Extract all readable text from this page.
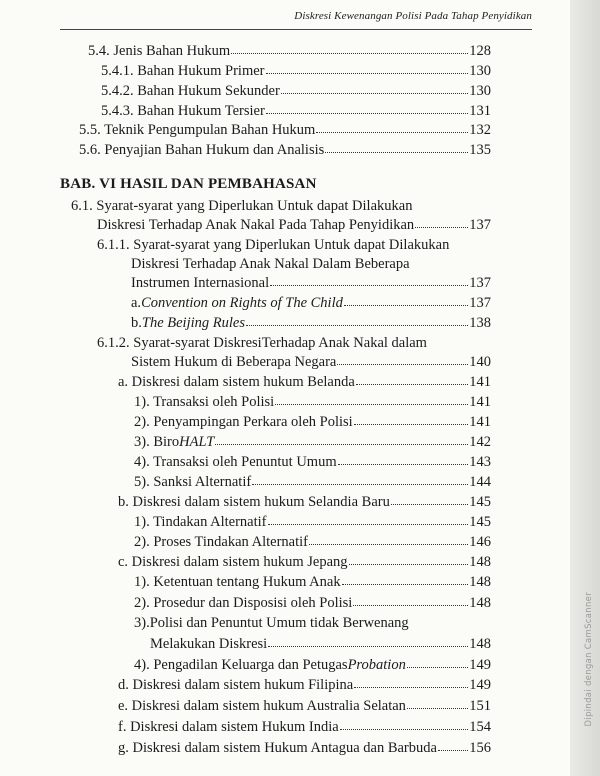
Diskresi Kewenangan Polisi Pada Tahap Penyidikan
5.4. Jenis Bahan Hukum	128
5.4.1. Bahan Hukum Primer	130
5.4.2. Bahan Hukum Sekunder	130
5.4.3. Bahan Hukum Tersier	131
5.5. Teknik Pengumpulan Bahan Hukum	132
5.6. Penyajian Bahan Hukum dan Analisis	135
BAB. VI HASIL DAN PEMBAHASAN
6.1. Syarat-syarat yang Diperlukan Untuk dapat Dilakukan
Diskresi Terhadap Anak Nakal Pada Tahap Penyidikan	137
6.1.1. Syarat-syarat yang Diperlukan Untuk dapat Dilakukan
Diskresi Terhadap Anak Nakal Dalam Beberapa
Instrumen Internasional	137
a. Convention on Rights of The Child	137
b. The Beijing Rules	138
6.1.2. Syarat-syarat DiskresiTerhadap Anak Nakal dalam
Sistem Hukum di Beberapa Negara	140
a. Diskresi dalam sistem hukum Belanda	141
1). Transaksi oleh Polisi	141
2). Penyampingan Perkara oleh Polisi	141
3). Biro HALT	142
4). Transaksi oleh Penuntut Umum	143
5). Sanksi Alternatif	144
b. Diskresi dalam sistem hukum Selandia Baru	145
1). Tindakan Alternatif	145
2). Proses Tindakan Alternatif	146
c. Diskresi dalam sistem hukum Jepang	148
1). Ketentuan tentang Hukum Anak	148
2). Prosedur dan Disposisi oleh Polisi	148
3).Polisi dan Penuntut Umum tidak Berwenang
Melakukan Diskresi	148
4). Pengadilan Keluarga dan Petugas Probation	149
d. Diskresi dalam sistem hukum Filipina	149
e. Diskresi dalam sistem hukum Australia Selatan	151
f. Diskresi dalam sistem Hukum India	154
g. Diskresi dalam sistem Hukum Antagua dan Barbuda 156
Dipindai dengan CamScanner
